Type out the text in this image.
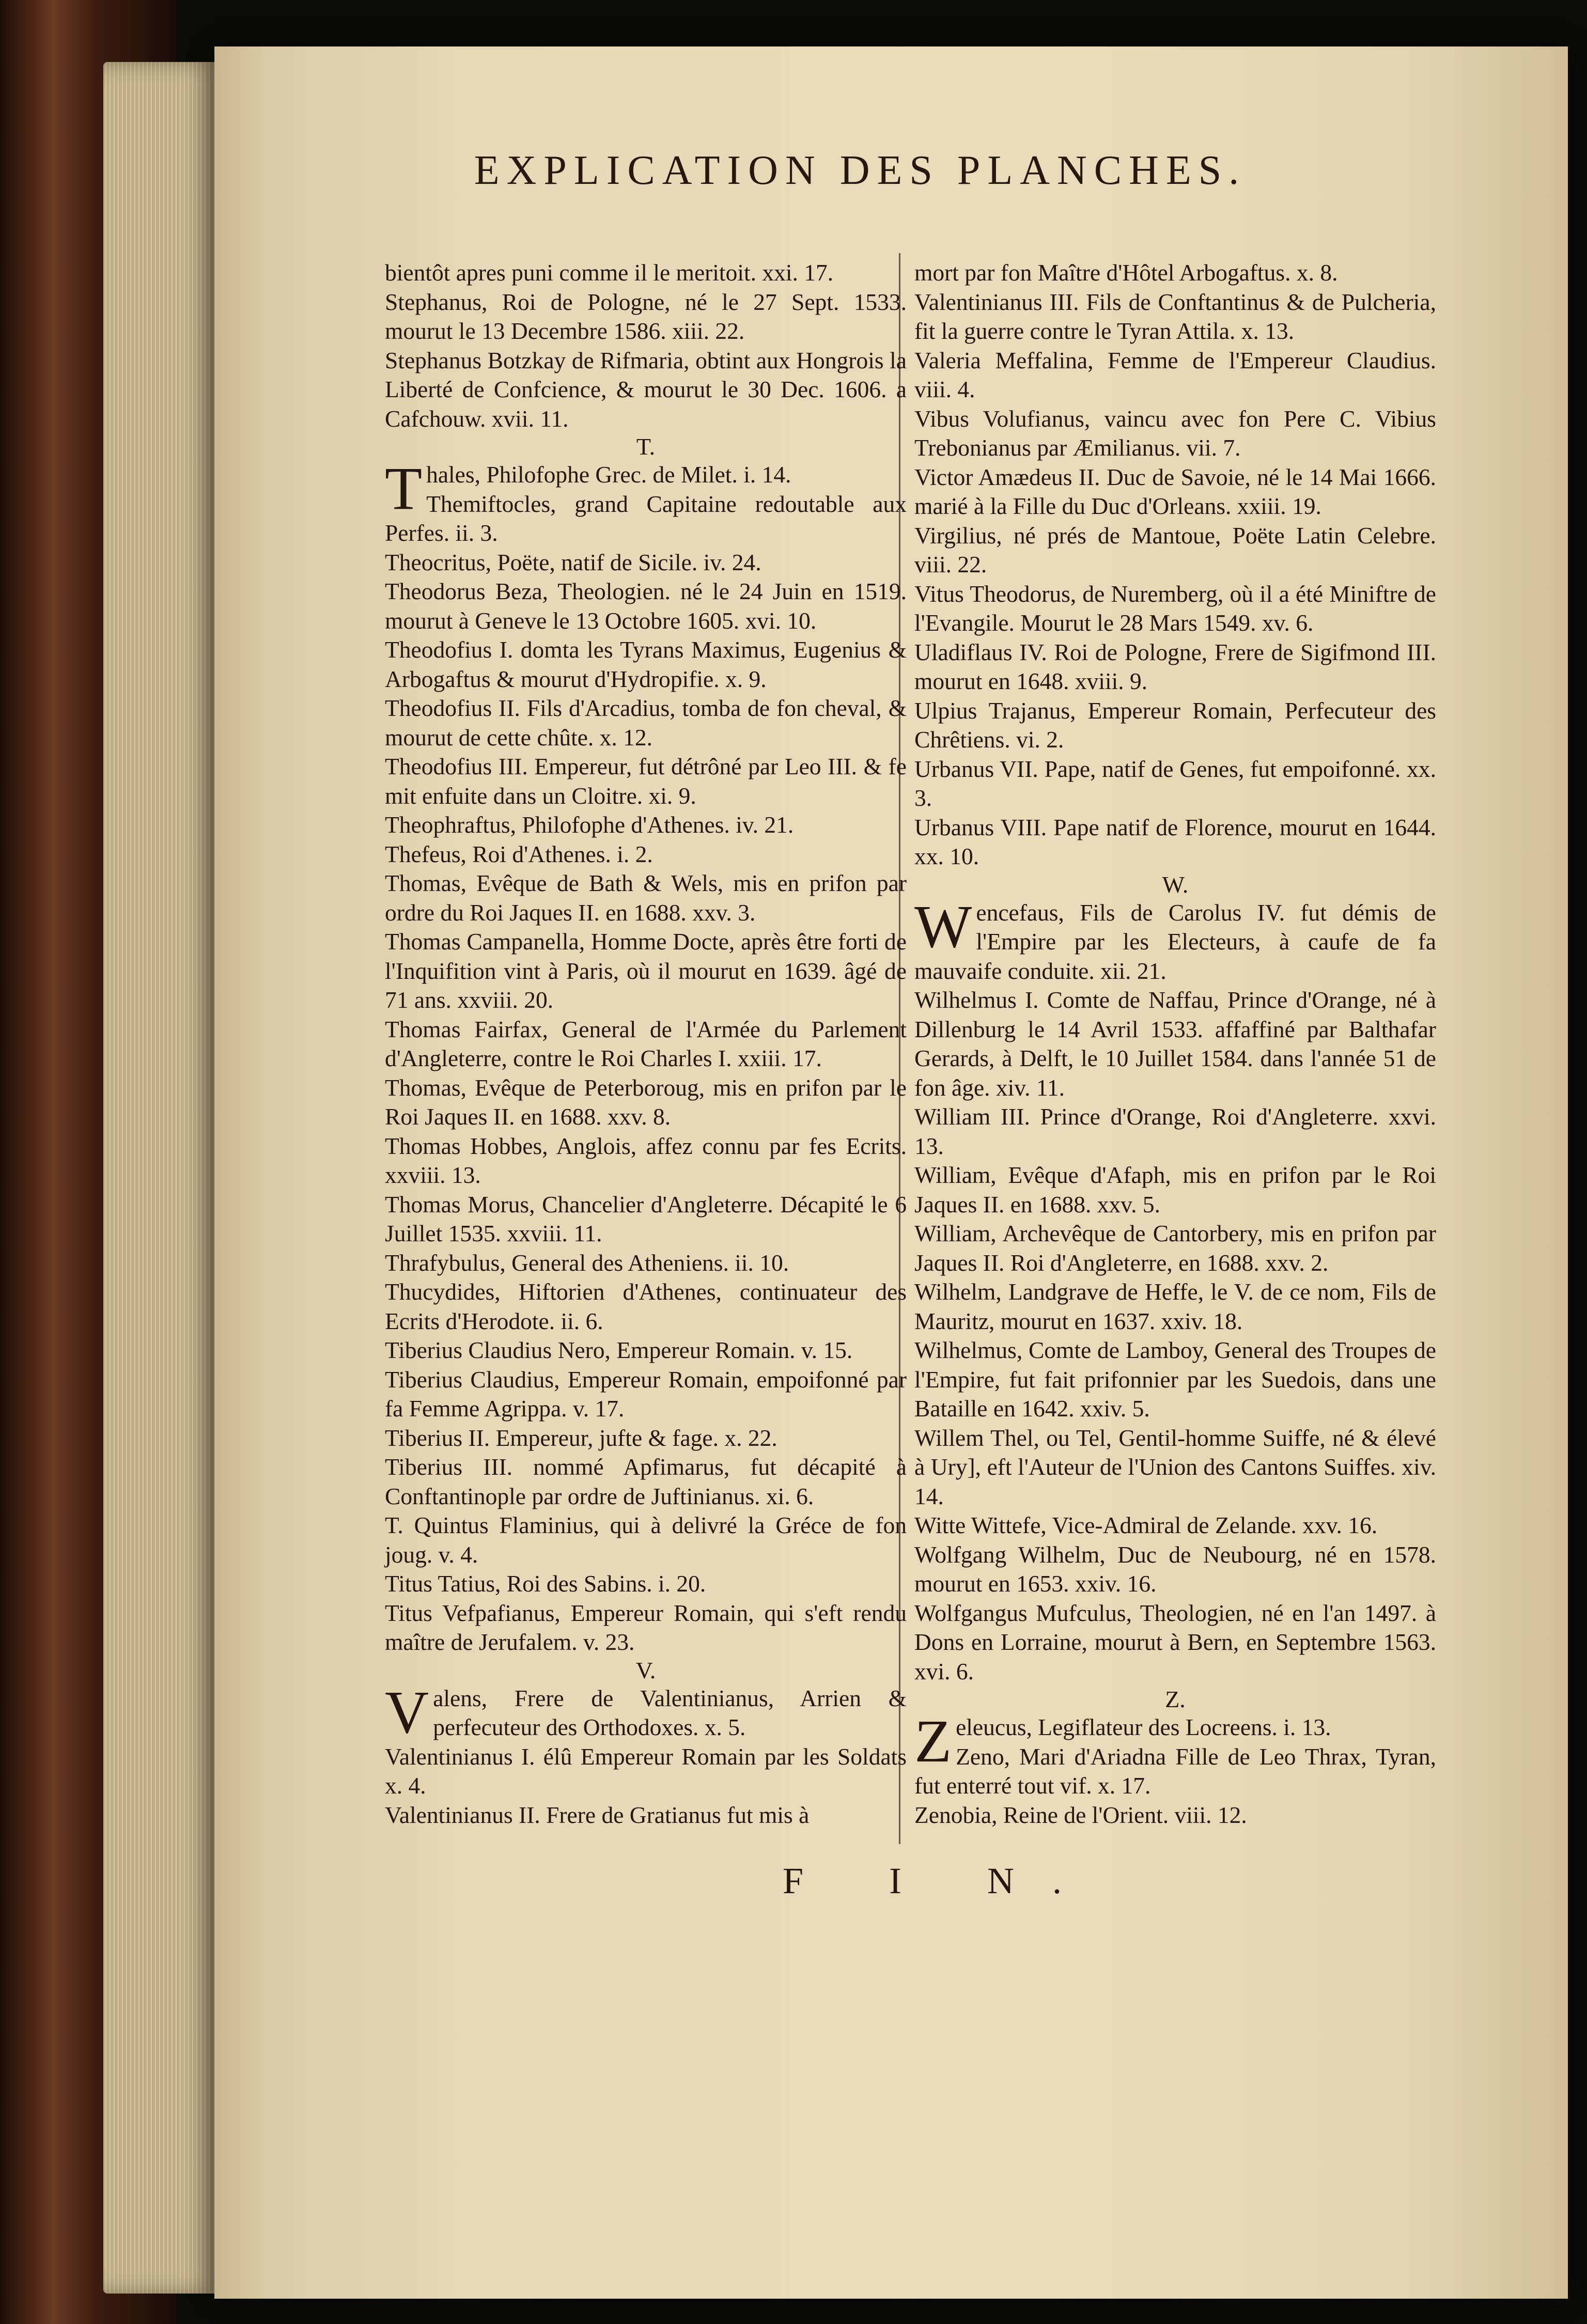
EXPLICATION DES PLANCHES.

bientôt apres puni comme il le meritoit. xxi. 17.

Stephanus, Roi de Pologne, né le 27 Sept. 1533. mourut le 13 Decembre 1586. xiii. 22.

Stephanus Botzkay de Rifmaria, obtint aux Hongrois la Liberté de Confcience, & mourut le 30 Dec. 1606. a Cafchouw. xvii. 11.

T.

Thales, Philofophe Grec. de Milet. i. 14.

Themiftocles, grand Capitaine redoutable aux Perfes. ii. 3.

Theocritus, Poëte, natif de Sicile. iv. 24.

Theodorus Beza, Theologien. né le 24 Juin en 1519. mourut à Geneve le 13 Octobre 1605. xvi. 10.

Theodofius I. domta les Tyrans Maximus, Eugenius & Arbogaftus & mourut d'Hydropifie. x. 9.

Theodofius II. Fils d'Arcadius, tomba de fon cheval, & mourut de cette chûte. x. 12.

Theodofius III. Empereur, fut détrôné par Leo III. & fe mit enfuite dans un Cloitre. xi. 9.

Theophraftus, Philofophe d'Athenes. iv. 21.

Thefeus, Roi d'Athenes. i. 2.

Thomas, Evêque de Bath & Wels, mis en prifon par ordre du Roi Jaques II. en 1688. xxv. 3.

Thomas Campanella, Homme Docte, après être forti de l'Inquifition vint à Paris, où il mourut en 1639. âgé de 71 ans. xxviii. 20.

Thomas Fairfax, General de l'Armée du Parlement d'Angleterre, contre le Roi Charles I. xxiii. 17.

Thomas, Evêque de Peterboroug, mis en prifon par le Roi Jaques II. en 1688. xxv. 8.

Thomas Hobbes, Anglois, affez connu par fes Ecrits. xxviii. 13.

Thomas Morus, Chancelier d'Angleterre. Décapité le 6 Juillet 1535. xxviii. 11.

Thrafybulus, General des Atheniens. ii. 10.

Thucydides, Hiftorien d'Athenes, continuateur des Ecrits d'Herodote. ii. 6.

Tiberius Claudius Nero, Empereur Romain. v. 15.

Tiberius Claudius, Empereur Romain, empoifonné par fa Femme Agrippa. v. 17.

Tiberius II. Empereur, jufte & fage. x. 22.

Tiberius III. nommé Apfimarus, fut décapité à Conftantinople par ordre de Juftinianus. xi. 6.

T. Quintus Flaminius, qui à delivré la Gréce de fon joug. v. 4.

Titus Tatius, Roi des Sabins. i. 20.

Titus Vefpafianus, Empereur Romain, qui s'eft rendu maître de Jerufalem. v. 23.

V.

Valens, Frere de Valentinianus, Arrien & perfecuteur des Orthodoxes. x. 5.

Valentinianus I. élû Empereur Romain par les Soldats x. 4.

Valentinianus II. Frere de Gratianus fut mis à

mort par fon Maître d'Hôtel Arbogaftus. x. 8.

Valentinianus III. Fils de Conftantinus & de Pulcheria, fit la guerre contre le Tyran Attila. x. 13.

Valeria Meffalina, Femme de l'Empereur Claudius. viii. 4.

Vibus Volufianus, vaincu avec fon Pere C. Vibius Trebonianus par Æmilianus. vii. 7.

Victor Amædeus II. Duc de Savoie, né le 14 Mai 1666. marié à la Fille du Duc d'Orleans. xxiii. 19.

Virgilius, né prés de Mantoue, Poëte Latin Celebre. viii. 22.

Vitus Theodorus, de Nuremberg, où il a été Miniftre de l'Evangile. Mourut le 28 Mars 1549. xv. 6.

Uladiflaus IV. Roi de Pologne, Frere de Sigifmond III. mourut en 1648. xviii. 9.

Ulpius Trajanus, Empereur Romain, Perfecuteur des Chrêtiens. vi. 2.

Urbanus VII. Pape, natif de Genes, fut empoifonné. xx. 3.

Urbanus VIII. Pape natif de Florence, mourut en 1644. xx. 10.

W.

Wencefaus, Fils de Carolus IV. fut démis de l'Empire par les Electeurs, à caufe de fa mauvaife conduite. xii. 21.

Wilhelmus I. Comte de Naffau, Prince d'Orange, né à Dillenburg le 14 Avril 1533. affaffiné par Balthafar Gerards, à Delft, le 10 Juillet 1584. dans l'année 51 de fon âge. xiv. 11.

William III. Prince d'Orange, Roi d'Angleterre. xxvi. 13.

William, Evêque d'Afaph, mis en prifon par le Roi Jaques II. en 1688. xxv. 5.

William, Archevêque de Cantorbery, mis en prifon par Jaques II. Roi d'Angleterre, en 1688. xxv. 2.

Wilhelm, Landgrave de Heffe, le V. de ce nom, Fils de Mauritz, mourut en 1637. xxiv. 18.

Wilhelmus, Comte de Lamboy, General des Troupes de l'Empire, fut fait prifonnier par les Suedois, dans une Bataille en 1642. xxiv. 5.

Willem Thel, ou Tel, Gentil-homme Suiffe, né & élevé à Ury], eft l'Auteur de l'Union des Cantons Suiffes. xiv. 14.

Witte Wittefe, Vice-Admiral de Zelande. xxv. 16.

Wolfgang Wilhelm, Duc de Neubourg, né en 1578. mourut en 1653. xxiv. 16.

Wolfgangus Mufculus, Theologien, né en l'an 1497. à Dons en Lorraine, mourut à Bern, en Septembre 1563. xvi. 6.

Z.

Zeleucus, Legiflateur des Locreens. i. 13.

Zeno, Mari d'Ariadna Fille de Leo Thrax, Tyran, fut enterré tout vif. x. 17.

Zenobia, Reine de l'Orient. viii. 12.

F I N.
